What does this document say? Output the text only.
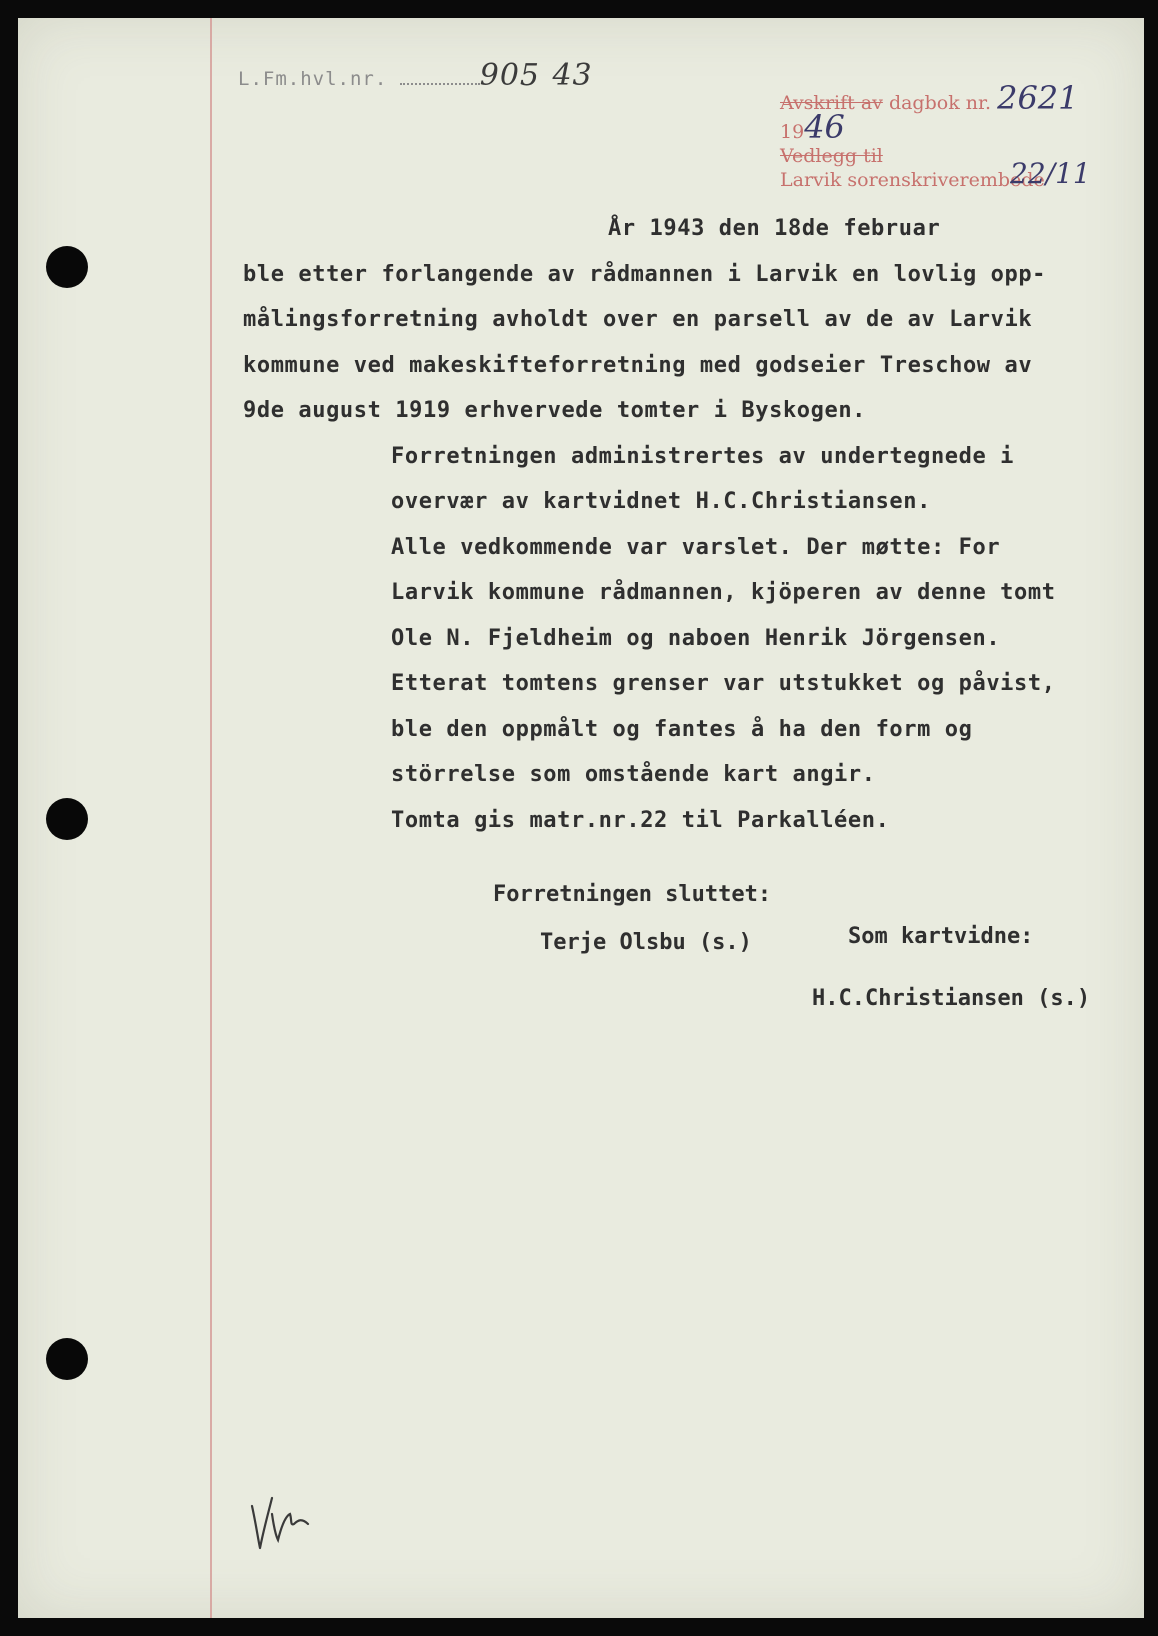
L.Fm.hvl.nr.	905 43
Avskrift av dagbok nr. 2621 1946
Vedlegg til
Larvik sorenskriverembede
22/11

År 1943 den 18de februar

ble etter forlangende av rådmannen i Larvik en lovlig opp-målingsforretning avholdt over en parsell av de av Larvik kommune ved makeskifteforretning med godseier Treschow av 9de august 1919 erhvervede tomter i Byskogen.

Forretningen administrertes av undertegnede i overvær av kartvidnet H.C.Christiansen.

Alle vedkommende var varslet. Der møtte: For Larvik kommune rådmannen, kjöperen av denne tomt Ole N. Fjeldheim og naboen Henrik Jörgensen.

Etterat tomtens grenser var utstukket og påvist, ble den oppmålt og fantes å ha den form og störrelse som omstående kart angir.

Tomta gis matr.nr.22 til Parkalléen.

Forretningen sluttet:
Terje Olsbu (s.)	Som kartvidne:
H.C.Christiansen (s.)
